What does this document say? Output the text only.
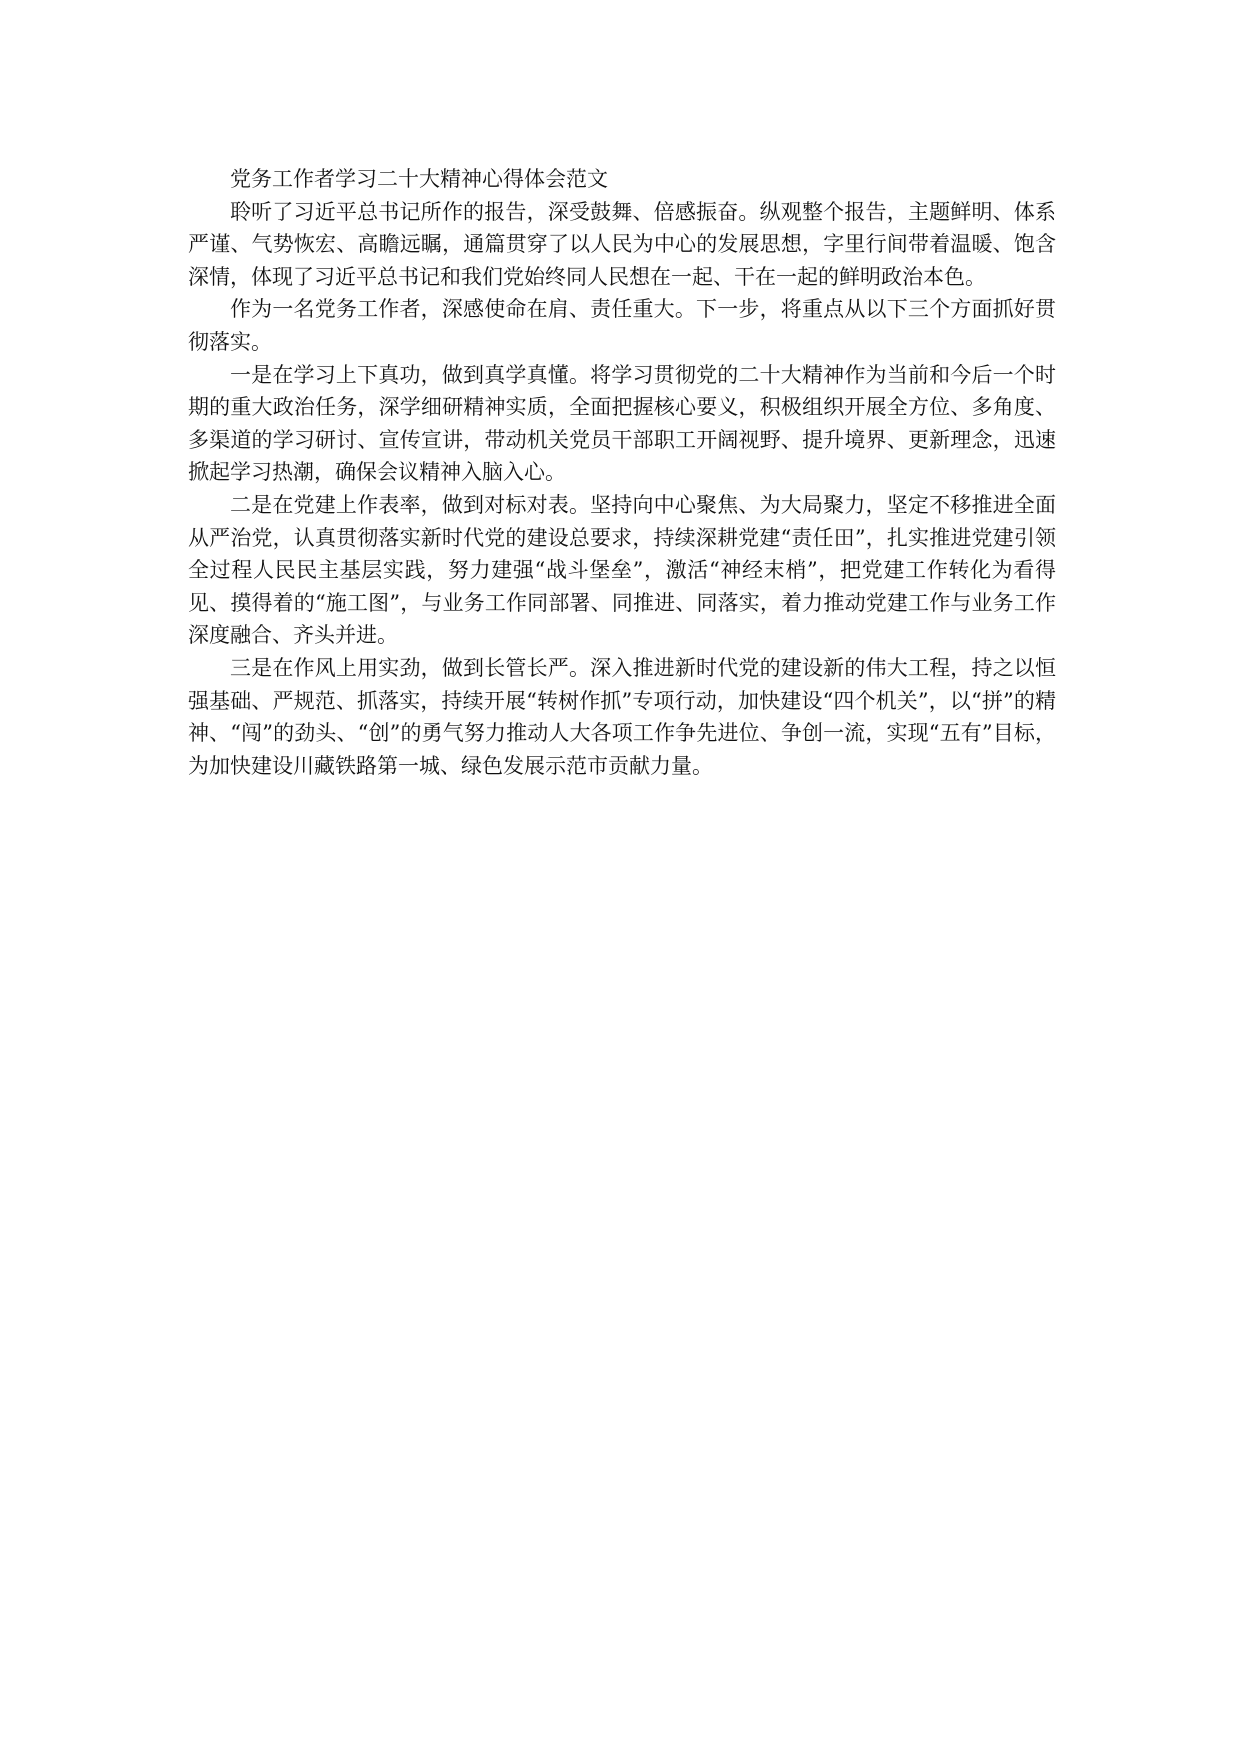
党务工作者学习二十大精神心得体会范文

聆听了习近平总书记所作的报告，深受鼓舞、倍感振奋。纵观整个报告，主题鲜明、体系严谨、气势恢宏、高瞻远瞩，通篇贯穿了以人民为中心的发展思想，字里行间带着温暖、饱含深情，体现了习近平总书记和我们党始终同人民想在一起、干在一起的鲜明政治本色。

作为一名党务工作者，深感使命在肩、责任重大。下一步，将重点从以下三个方面抓好贯彻落实。

一是在学习上下真功，做到真学真懂。将学习贯彻党的二十大精神作为当前和今后一个时期的重大政治任务，深学细研精神实质，全面把握核心要义，积极组织开展全方位、多角度、多渠道的学习研讨、宣传宣讲，带动机关党员干部职工开阔视野、提升境界、更新理念，迅速掀起学习热潮，确保会议精神入脑入心。

二是在党建上作表率，做到对标对表。坚持向中心聚焦、为大局聚力，坚定不移推进全面从严治党，认真贯彻落实新时代党的建设总要求，持续深耕党建“责任田”，扎实推进党建引领全过程人民民主基层实践，努力建强“战斗堡垒”，激活“神经末梢”，把党建工作转化为看得见、摸得着的“施工图”，与业务工作同部署、同推进、同落实，着力推动党建工作与业务工作深度融合、齐头并进。

三是在作风上用实劲，做到长管长严。深入推进新时代党的建设新的伟大工程，持之以恒强基础、严规范、抓落实，持续开展“转树作抓”专项行动，加快建设“四个机关”，以“拼”的精神、“闯”的劲头、“创”的勇气努力推动人大各项工作争先进位、争创一流，实现“五有”目标，为加快建设川藏铁路第一城、绿色发展示范市贡献力量。
